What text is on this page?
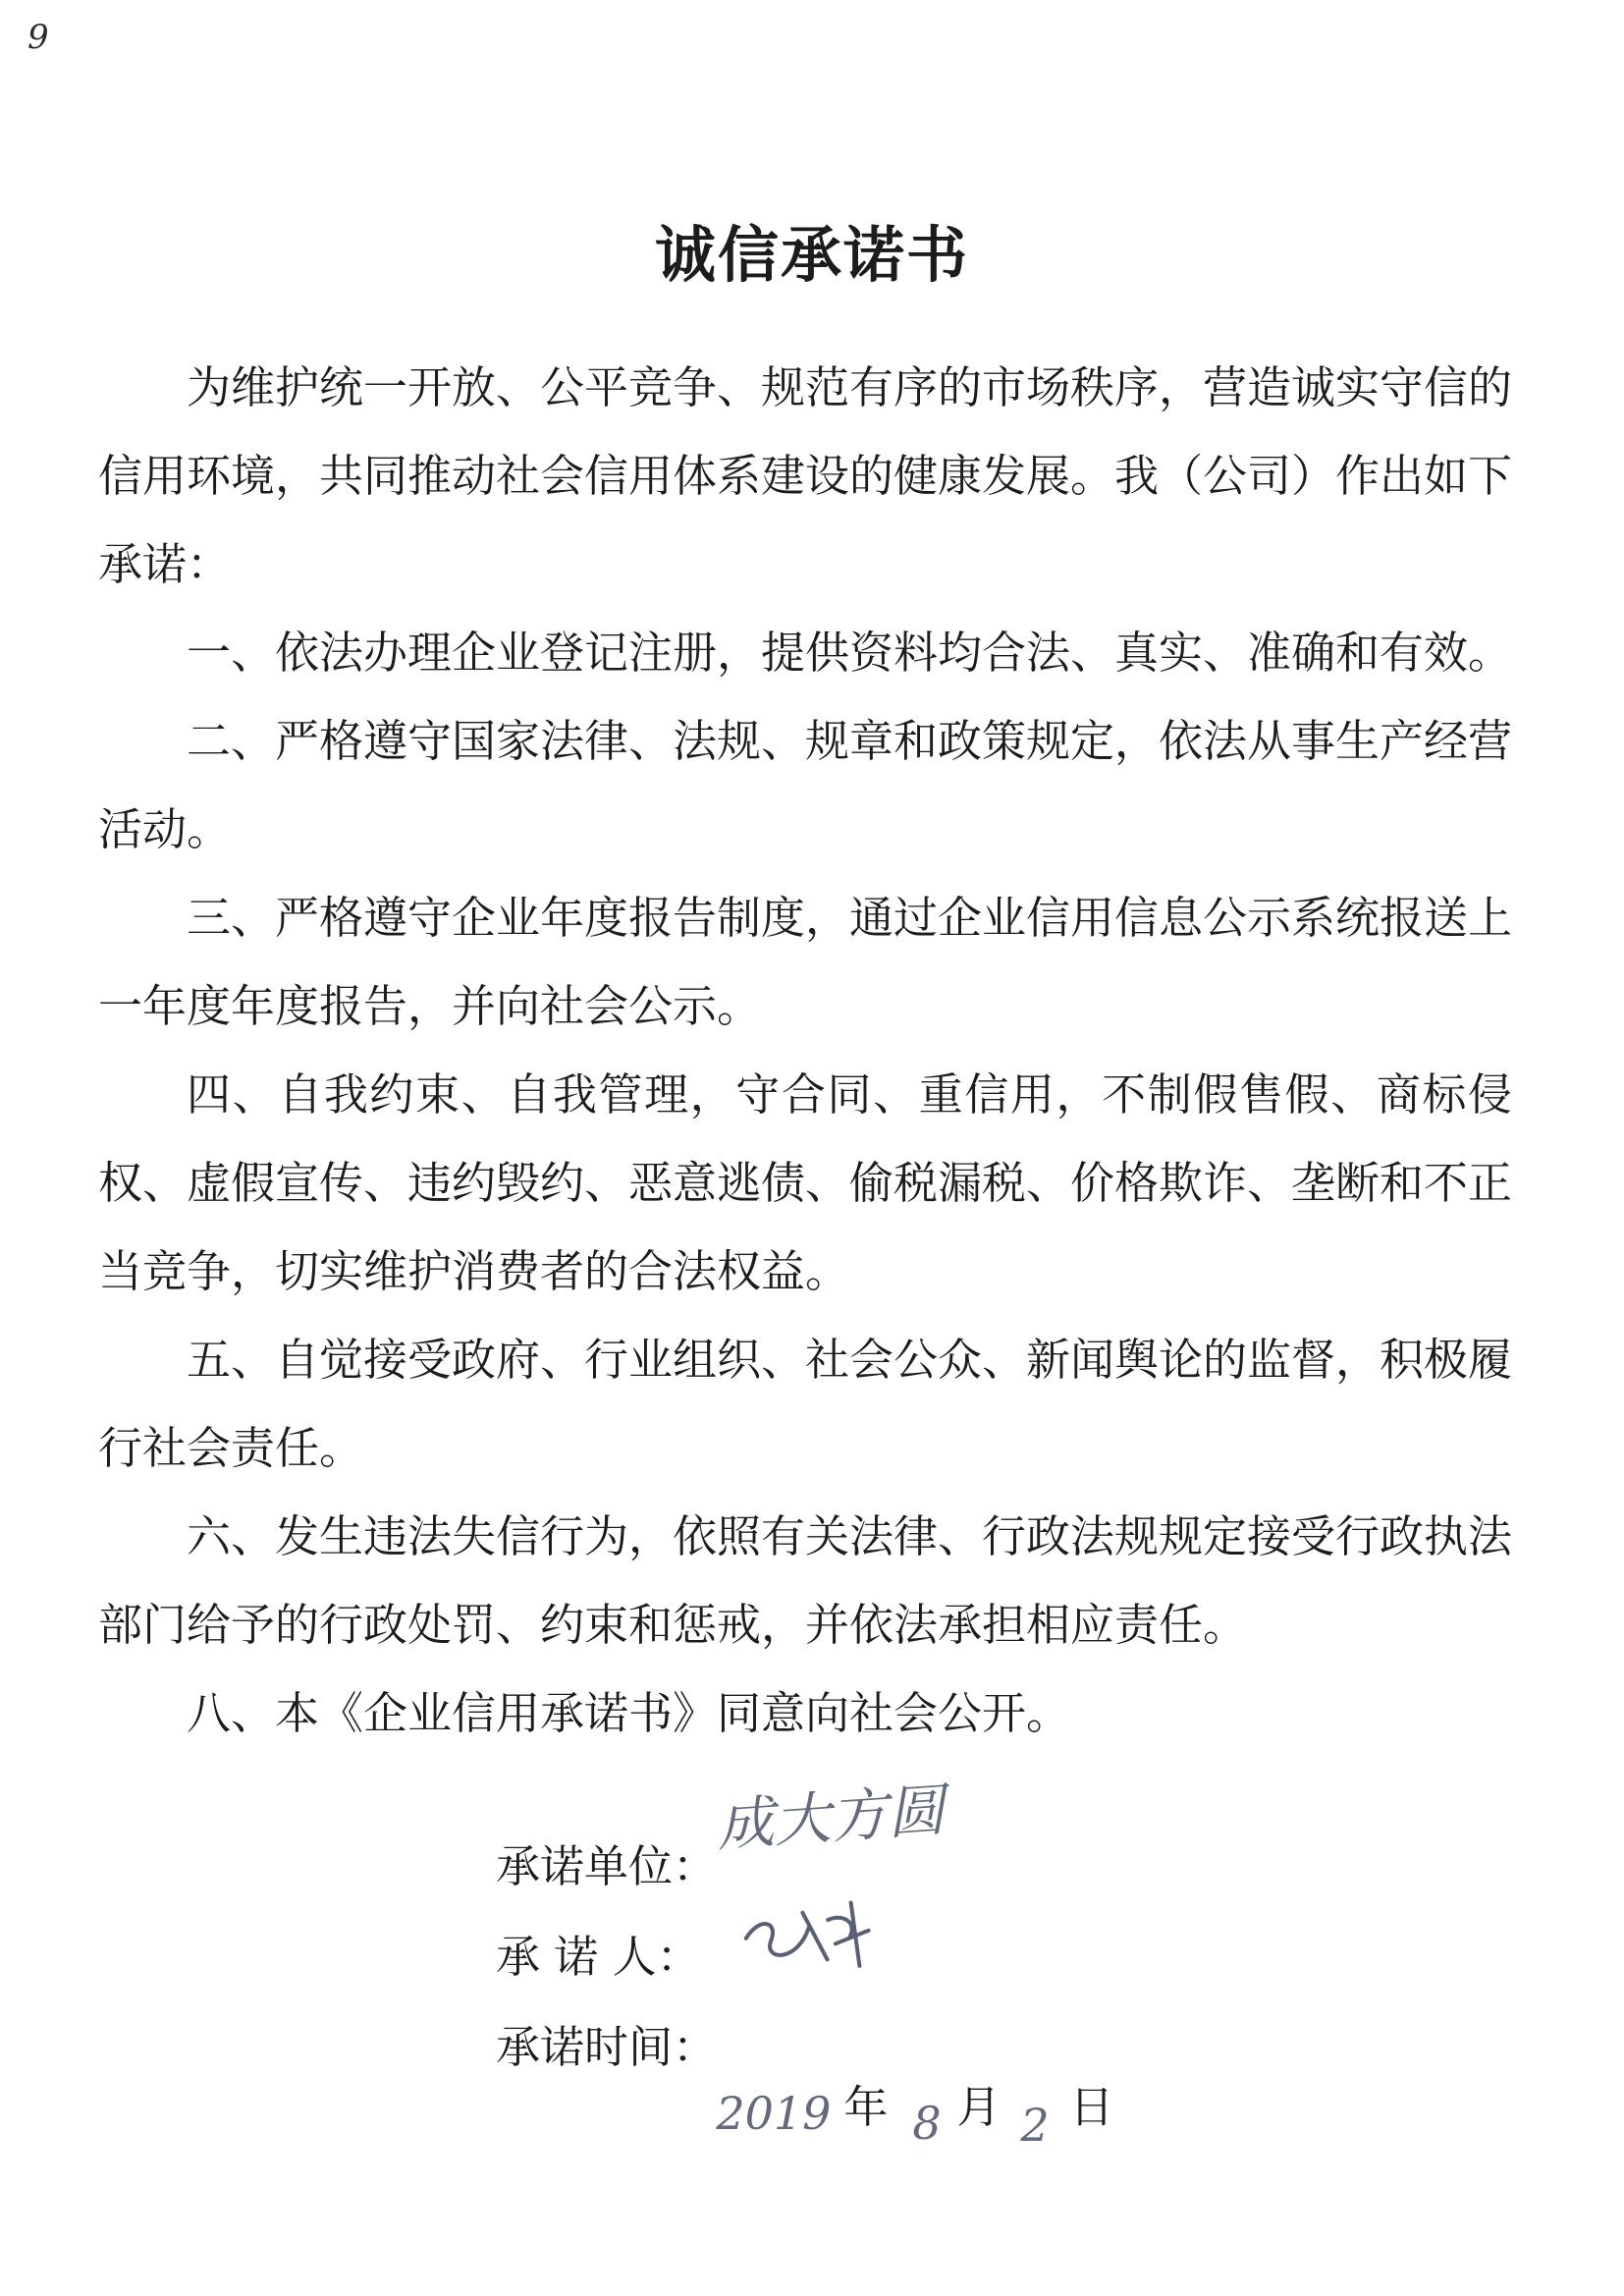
9
诚信承诺书

为维护统一开放、公平竞争、规范有序的市场秩序，营造诚实守信的信用环境，共同推动社会信用体系建设的健康发展。我（公司）作出如下承诺：

一、依法办理企业登记注册，提供资料均合法、真实、准确和有效。

二、严格遵守国家法律、法规、规章和政策规定，依法从事生产经营活动。

三、严格遵守企业年度报告制度，通过企业信用信息公示系统报送上一年度年度报告，并向社会公示。

四、自我约束、自我管理，守合同、重信用，不制假售假、商标侵权、虚假宣传、违约毁约、恶意逃债、偷税漏税、价格欺诈、垄断和不正当竞争，切实维护消费者的合法权益。

五、自觉接受政府、行业组织、社会公众、新闻舆论的监督，积极履行社会责任。

六、发生违法失信行为，依照有关法律、行政法规规定接受行政执法部门给予的行政处罚、约束和惩戒，并依法承担相应责任。

八、本《企业信用承诺书》同意向社会公开。

承诺单位：
成大方圆
承 诺 人：
承诺时间：
2019 年 8 月 2 日
